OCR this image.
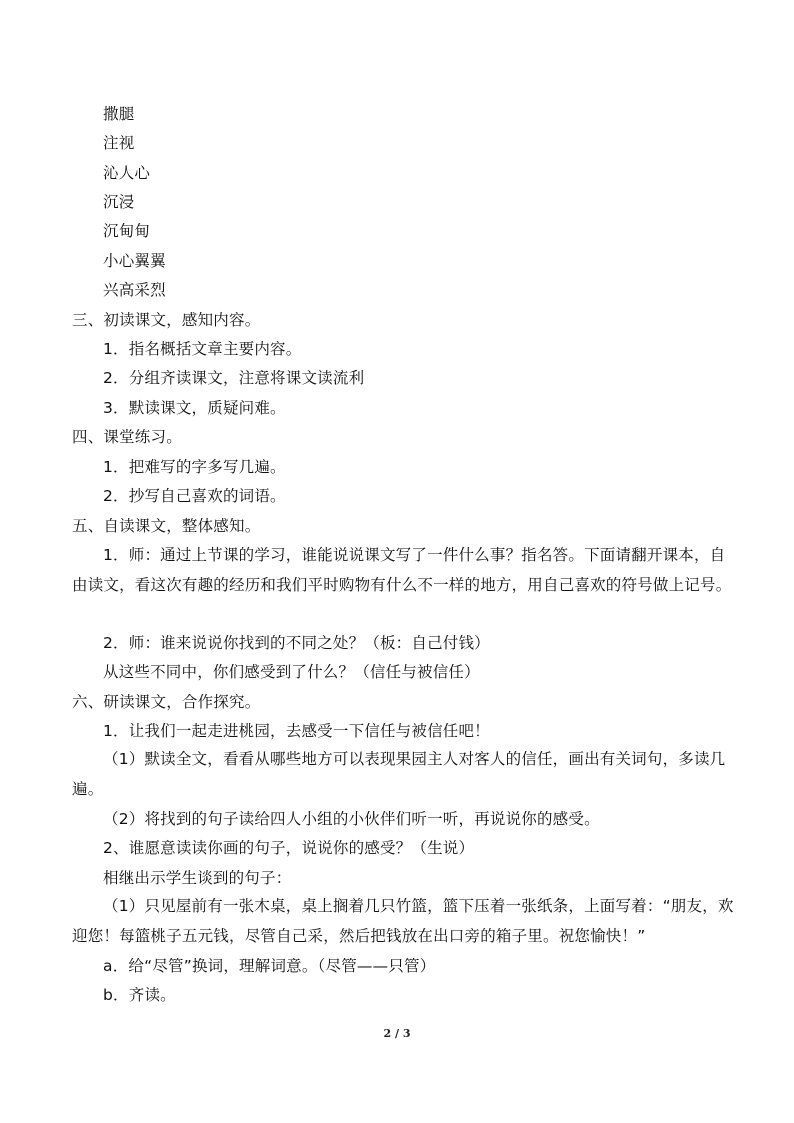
撒腿
注视
沁人心
沉浸
沉甸甸
小心翼翼
兴高采烈
三、初读课文，感知内容。
1．指名概括文章主要内容。
2．分组齐读课文，注意将课文读流利
3．默读课文，质疑问难。
四、课堂练习。
1．把难写的字多写几遍。
2．抄写自己喜欢的词语。
五、自读课文，整体感知。
1．师：通过上节课的学习，谁能说说课文写了一件什么事？指名答。下面请翻开课本，自由读文，看这次有趣的经历和我们平时购物有什么不一样的地方，用自己喜欢的符号做上记号。
2．师：谁来说说你找到的不同之处？（板：自己付钱）
从这些不同中，你们感受到了什么？（信任与被信任）
六、研读课文，合作探究。
1．让我们一起走进桃园，去感受一下信任与被信任吧！
（1）默读全文，看看从哪些地方可以表现果园主人对客人的信任，画出有关词句，多读几遍。
（2）将找到的句子读给四人小组的小伙伴们听一听，再说说你的感受。
2、谁愿意读读你画的句子，说说你的感受？（生说）
相继出示学生谈到的句子：
（1）只见屋前有一张木桌，桌上搁着几只竹篮，篮下压着一张纸条，上面写着：“朋友，欢迎您！每篮桃子五元钱，尽管自己采，然后把钱放在出口旁的箱子里。祝您愉快！”
a．给“尽管”换词，理解词意。（尽管——只管）
b．齐读。
2 / 3
